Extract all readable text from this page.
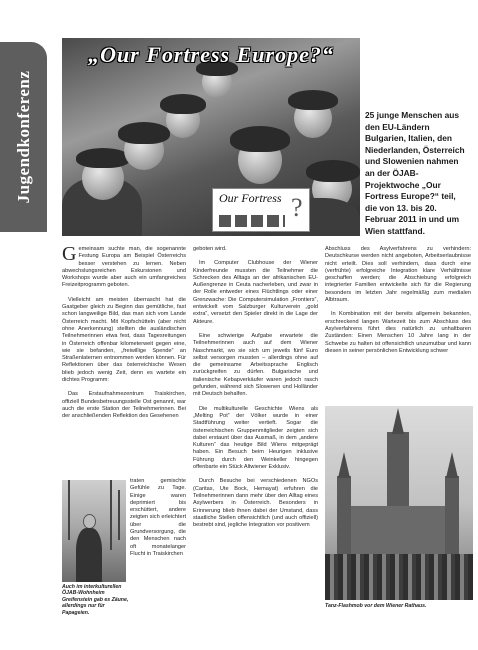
Jugendkonferenz
„Our Fortress Europe?“
Our Fortress ?
25 junge Menschen aus den EU-Ländern Bulgarien, Italien, den Niederlanden, Österreich und Slowenien nahmen an der ÖJAB-Projektwoche „Our Fortress Europe?“ teil, die von 13. bis 20. Februar 2011 in und um Wien stattfand.

Gemeinsam suchte man, die sogenannte Festung Europa am Beispiel Österreichs besser verstehen zu lernen. Neben abwechslungsreichen Exkursionen und Workshops wurde aber auch ein umfangreiches Freizeitprogramm geboten.

Vielleicht am meisten überrascht hat die Gastgeber gleich zu Beginn das gemütliche, fast schon langweilige Bild, das man sich vom Lande Österreich macht. Mit Kopfschütteln (aber nicht ohne Anerkennung) stellten die ausländischen Teilnehmerinnen etwa fest, dass Tagesreitungen in Österreich offenbar kilometerweit gegen eine, wie sie befanden, „freiwillige Spende“ an Straßenlaternen entnommen werden können. Für Reflektionen über das österreichische Wesen blieb jedoch wenig Zeit, denn es wartete ein dichtes Programm:

Das Erstaufnahmezentrum Traiskirchen, offiziell Bundesbetreuungsstelle Ost genannt, war auch die erste Station der Teilnehmerinnen. Bei der anschließenden Reflektion des Gesehenen

Auch im interkulturellen ÖJAB-Wohnheim Greifenstein gab es Zäune, allerdings nur für Papageien.
traten gemischte Gefühle zu Tage. Einige waren deprimiert bis erschüttert, andere zeigten sich erleichtert über die Grundversorgung, die den Menschen nach oft monatelanger Flucht in Traiskirchen

geboten wird.

Im Computer Clubhouse der Wiener Kinderfreunde mussten die Teilnehmer die Schrecken des Alltags an der afrikanischen EU-Außengrenze in Ceuta nacherleben, und zwar in der Rolle entweder eines Flüchtlings oder einer Grenzwache: Die Computersimulation „Frontiers“, entwickelt vom Salzburger Kulturverein „gold extra“, versetzt den Spieler direkt in die Lage der Akteure.

Eine schwierige Aufgabe erwartete die Teilnehmerinnen auch auf dem Wiener Naschmarkt, wo sie sich um jeweils fünf Euro selbst versorgen mussten – allerdings ohne auf die gemeinsame Arbeitssprache Englisch zurückgreifen zu dürfen. Bulgarische und italienische Kebapverkäufer waren jedoch rasch gefunden, während sich Slowenen und Holländer mit Deutsch behalfen.

Die multikulturelle Geschichte Wiens als „Melting Pot“ der Völker wurde in einer Stadtführung weiter vertieft. Sogar die österreichischen Gruppenmitglieder zeigten sich dabei erstaunt über das Ausmaß, in dem „andere Kulturen“ das heutige Bild Wiens mitgeprägt haben. Ein Besuch beim Heurigen inklusive Führung durch den Weinkeller hingegen offenbarte ein Stück Altwiener Exklusiv.

Durch Besuche bei verschiedenen NGOs (Caritas, Ute Bock, Hemayat) erfuhren die Teilnehmerinnen dann mehr über den Alltag eines Asylwerbers in Österreich. Besonders in Erinnerung blieb ihnen dabei der Umstand, dass staatliche Stellen offensichtlich (und auch offiziell) bestrebt sind, jegliche Integration vor positivem

Abschluss des Asylverfahrens zu verhindern: Deutschkurse werden nicht angeboten, Arbeitserlaubnisse nicht erteilt. Dies soll verhindern, dass durch eine (verfrühte) erfolgreiche Integration klare Verhältnisse geschaffen werden; die Abschiebung erfolgreich integrierter Familien entwickelte sich für die Regierung besonders im letzten Jahr regelmäßig zum medialen Albtraum.

In Kombination mit der bereits allgemein bekannten, erschreckend langen Wartezeit bis zum Abschluss des Asylverfahrens führt dies natürlich zu unhaltbaren Zuständen: Einen Menschen 10 Jahre lang in der Schwebe zu halten ist offensichtlich unzumutbar und kann diesen in seiner persönlichen Entwicklung schwer

Tanz-Flashmob vor dem Wiener Rathaus.
